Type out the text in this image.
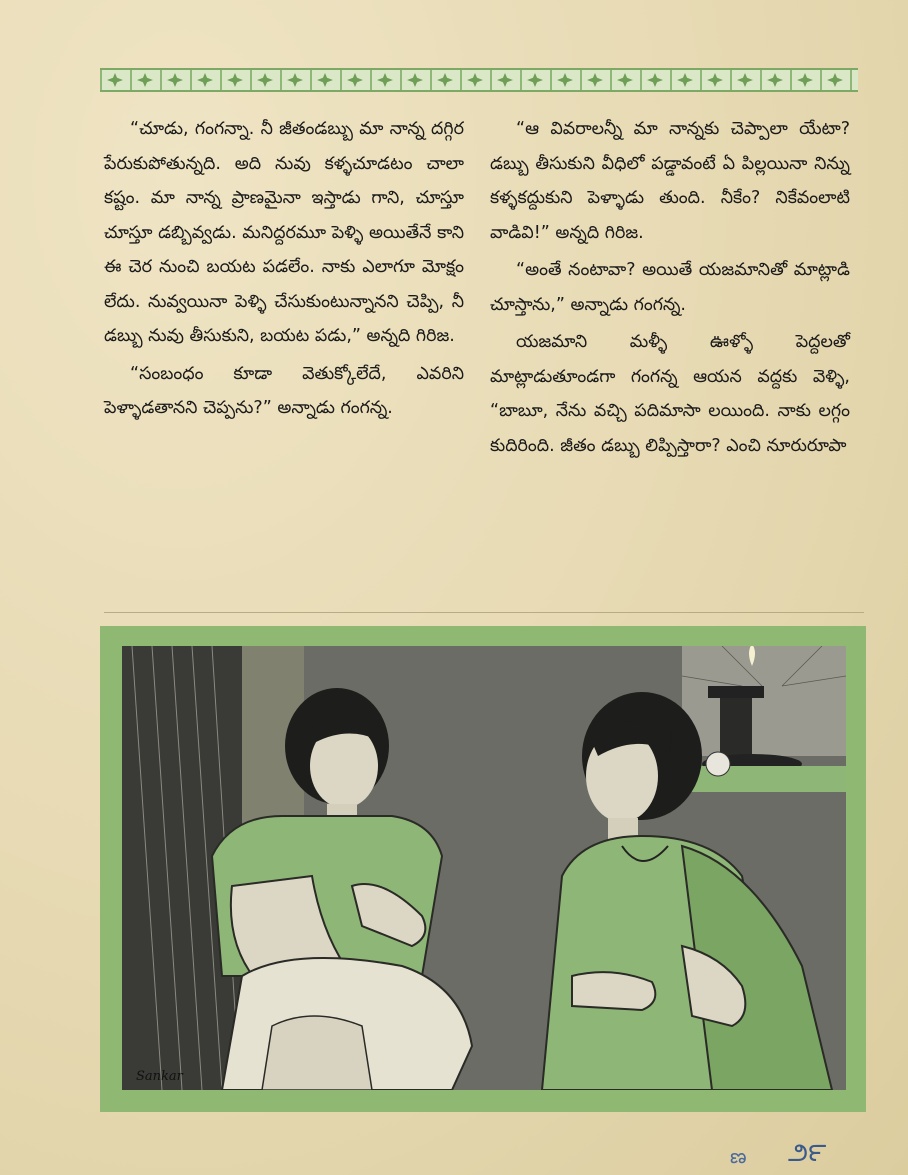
“చూడు, గంగన్నా. నీ జీతండబ్బు మా నాన్న దగ్గిర పేరుకుపోతున్నది. అది నువు కళ్ళచూడటం చాలా కష్టం. మా నాన్న ప్రాణమైనా ఇస్తాడు గాని, చూస్తూ చూస్తూ డబ్బివ్వడు. మనిద్దరమూ పెళ్ళి అయితేనే కాని ఈ చెర నుంచి బయట పడలేం. నాకు ఎలాగూ మోక్షం లేదు. నువ్వయినా పెళ్ళి చేసుకుంటున్నానని చెప్పి, నీ డబ్బు నువు తీసుకుని, బయట పడు,” అన్నది గిరిజ.

“సంబంధం కూడా వెతుక్కోలేదే, ఎవరిని పెళ్ళాడతానని చెప్పను?” అన్నాడు గంగన్న.

“ఆ వివరాలన్నీ మా నాన్నకు చెప్పాలా యేటా? డబ్బు తీసుకుని వీధిలో పడ్డావంటే ఏ పిల్లయినా నిన్ను కళ్ళకద్దుకుని పెళ్ళాడు తుంది. నీకేం? నికేవంలాటి వాడివి!” అన్నది గిరిజ.

“అంతే నంటావా? అయితే యజమానితో మాట్లాడి చూస్తాను,” అన్నాడు గంగన్న.

యజమాని మళ్ళీ ఊళ్ళో పెద్దలతో మాట్లాడుతూండగా గంగన్న ఆయన వద్దకు వెళ్ళి, “బాబూ, నేను వచ్చి పదిమాసా లయింది. నాకు లగ్గం కుదిరింది. జీతం డబ్బు లిప్పిస్తారా? ఎంచి నూరురూపా

Sankar
ణ ౨౯
